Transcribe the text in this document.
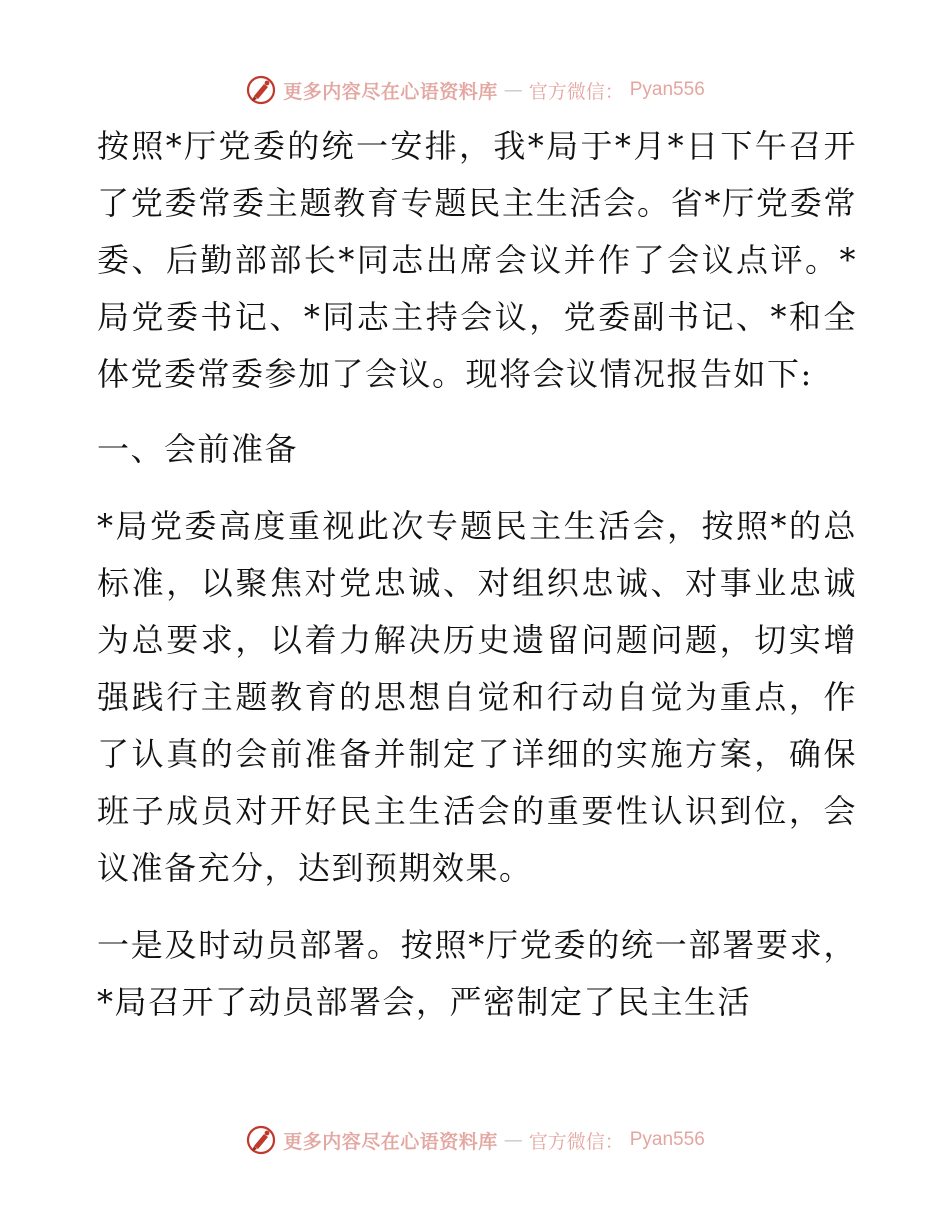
更多内容尽在心语资料库 — 官方微信： Pyan556

按照*厅党委的统一安排，我*局于*月*日下午召开了党委常委主题教育专题民主生活会。省*厅党委常委、后勤部部长*同志出席会议并作了会议点评。*局党委书记、*同志主持会议，党委副书记、*和全体党委常委参加了会议。现将会议情况报告如下:

一、会前准备

*局党委高度重视此次专题民主生活会，按照*的总标准，以聚焦对党忠诚、对组织忠诚、对事业忠诚为总要求，以着力解决历史遗留问题问题，切实增强践行主题教育的思想自觉和行动自觉为重点，作了认真的会前准备并制定了详细的实施方案，确保班子成员对开好民主生活会的重要性认识到位，会议准备充分，达到预期效果。

一是及时动员部署。按照*厅党委的统一部署要求，*局召开了动员部署会，严密制定了民主生活

更多内容尽在心语资料库 — 官方微信： Pyan556
